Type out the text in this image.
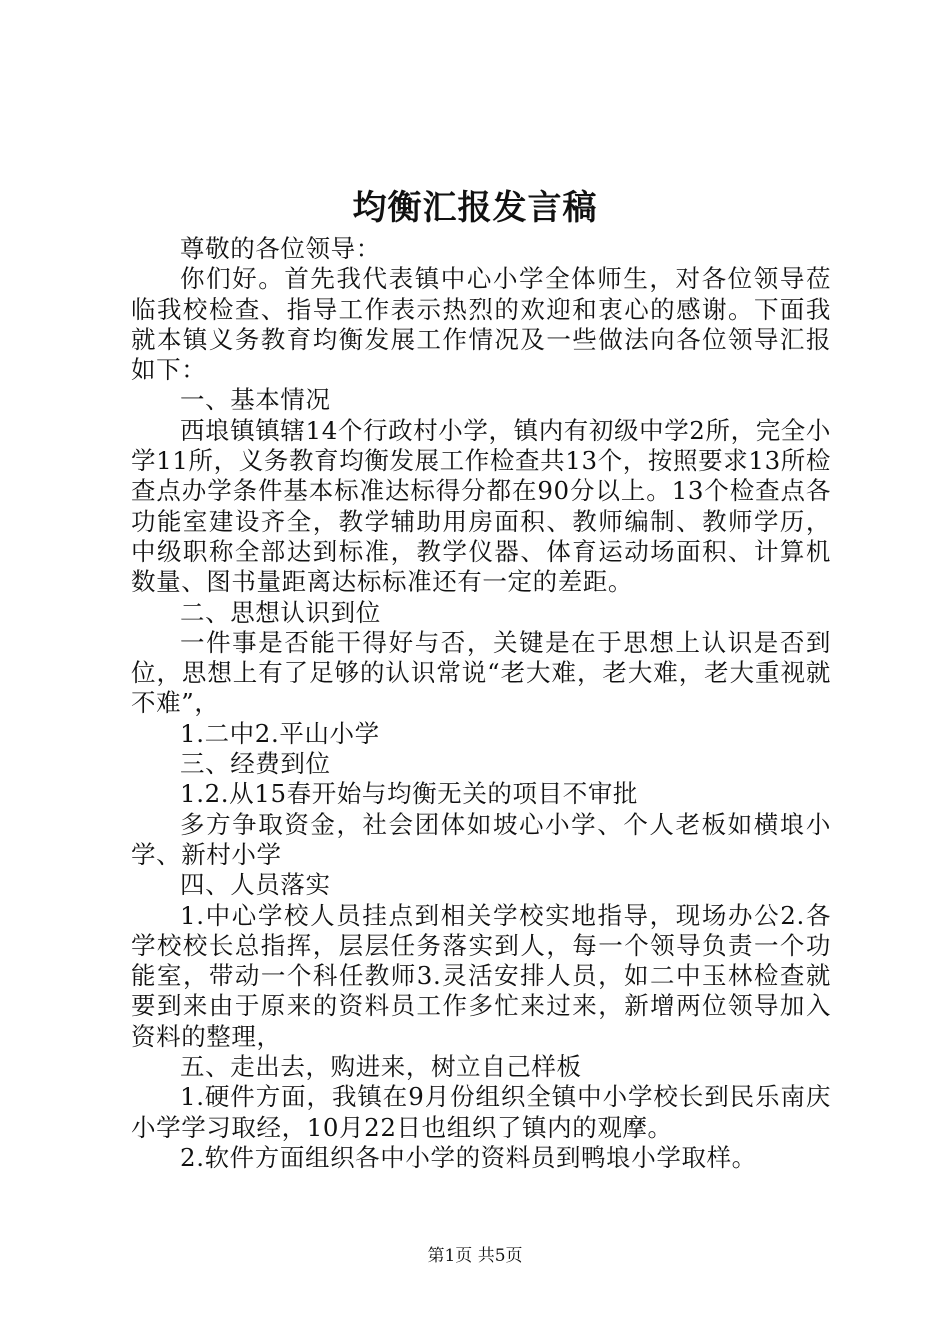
均衡汇报发言稿

尊敬的各位领导：

你们好。首先我代表镇中心小学全体师生，对各位领导莅临我校检查、指导工作表示热烈的欢迎和衷心的感谢。下面我就本镇义务教育均衡发展工作情况及一些做法向各位领导汇报如下：

一、基本情况

西埌镇镇辖14个行政村小学，镇内有初级中学2所，完全小学11所，义务教育均衡发展工作检查共13个，按照要求13所检查点办学条件基本标准达标得分都在90分以上。13个检查点各功能室建设齐全，教学辅助用房面积、教师编制、教师学历，中级职称全部达到标准，教学仪器、体育运动场面积、计算机数量、图书量距离达标标准还有一定的差距。

二、思想认识到位

一件事是否能干得好与否，关键是在于思想上认识是否到位，思想上有了足够的认识常说“老大难，老大难，老大重视就不难”，

1.二中2.平山小学

三、经费到位

1.2.从15春开始与均衡无关的项目不审批

多方争取资金，社会团体如坡心小学、个人老板如横埌小学、新村小学

四、人员落实

1.中心学校人员挂点到相关学校实地指导，现场办公2.各学校校长总指挥，层层任务落实到人，每一个领导负责一个功能室，带动一个科任教师3.灵活安排人员，如二中玉林检查就要到来由于原来的资料员工作多忙来过来，新增两位领导加入资料的整理，

五、走出去，购进来，树立自己样板

1.硬件方面，我镇在9月份组织全镇中小学校长到民乐南庆小学学习取经，10月22日也组织了镇内的观摩。

2.软件方面组织各中小学的资料员到鸭埌小学取样。

第1页 共5页
